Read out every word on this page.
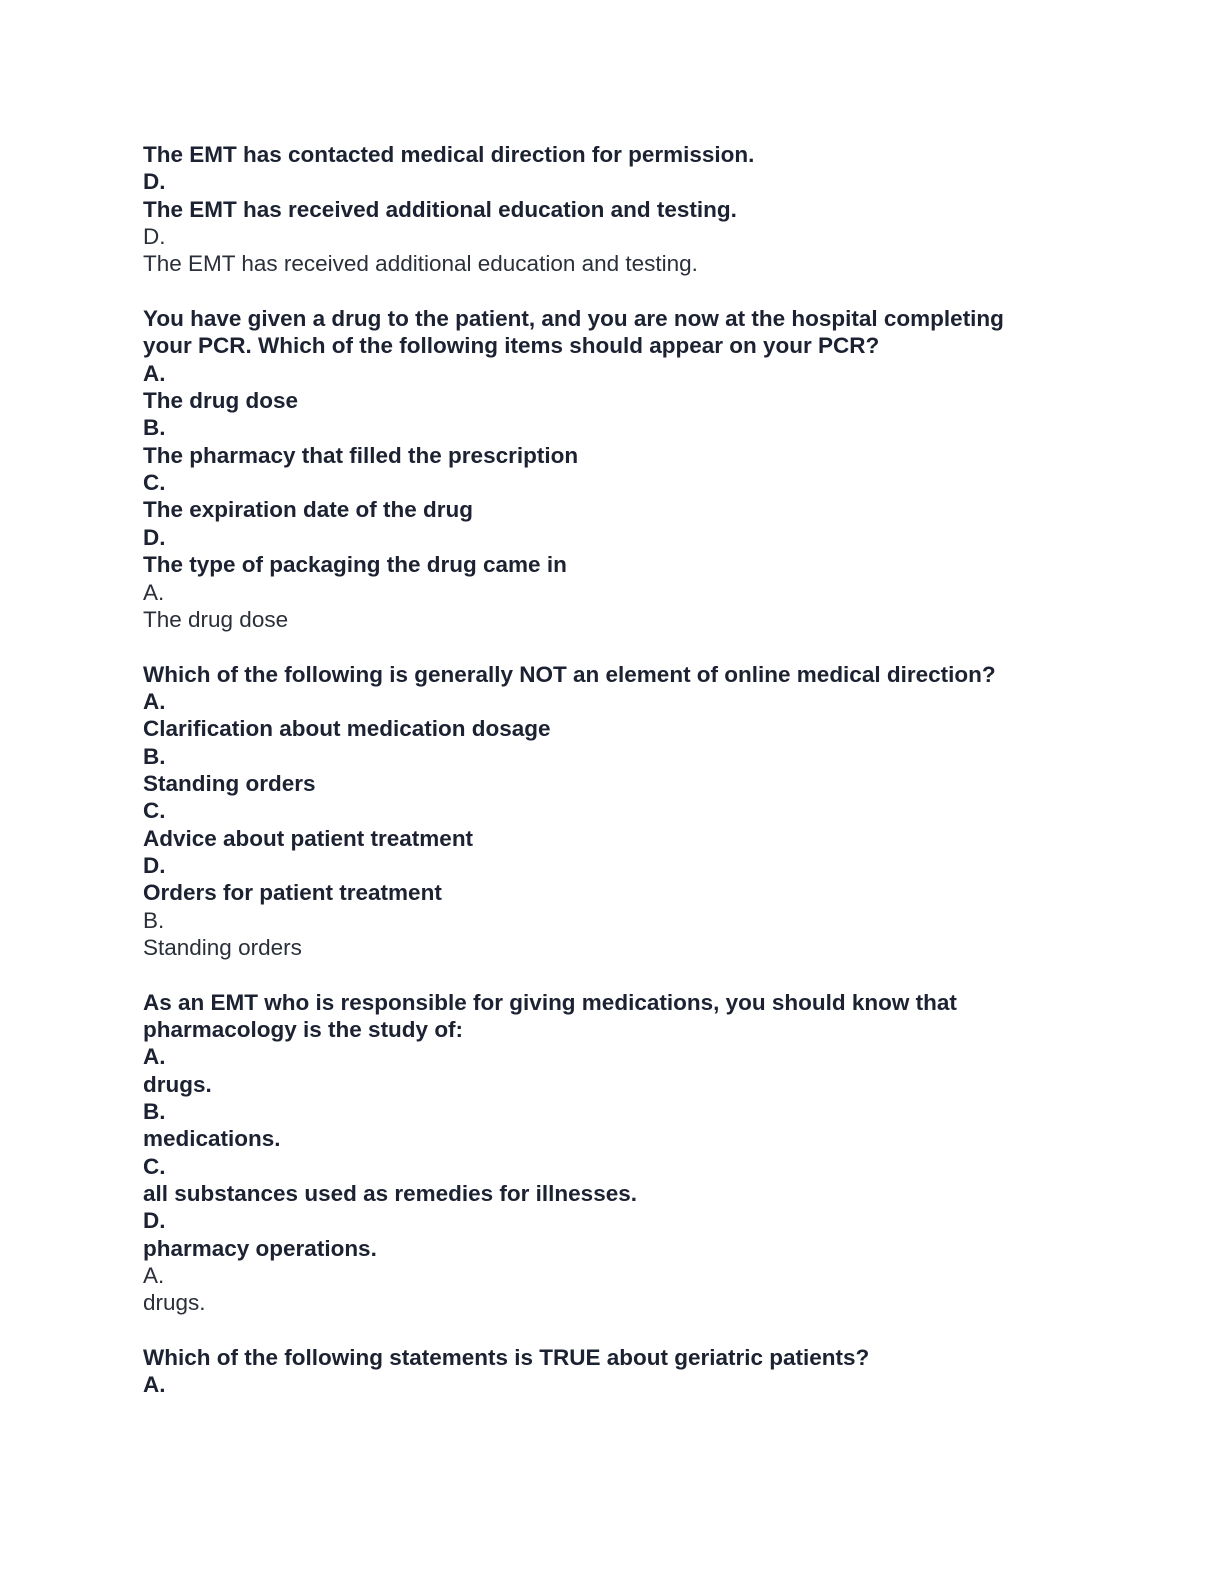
The EMT has contacted medical direction for permission.
D.
The EMT has received additional education and testing.
D.
The EMT has received additional education and testing.
You have given a drug to the patient, and you are now at the hospital completing
your PCR. Which of the following items should appear on your PCR?
A.
The drug dose
B.
The pharmacy that filled the prescription
C.
The expiration date of the drug
D.
The type of packaging the drug came in
A.
The drug dose
Which of the following is generally NOT an element of online medical direction?
A.
Clarification about medication dosage
B.
Standing orders
C.
Advice about patient treatment
D.
Orders for patient treatment
B.
Standing orders
As an EMT who is responsible for giving medications, you should know that
pharmacology is the study of:
A.
drugs.
B.
medications.
C.
all substances used as remedies for illnesses.
D.
pharmacy operations.
A.
drugs.
Which of the following statements is TRUE about geriatric patients?
A.
